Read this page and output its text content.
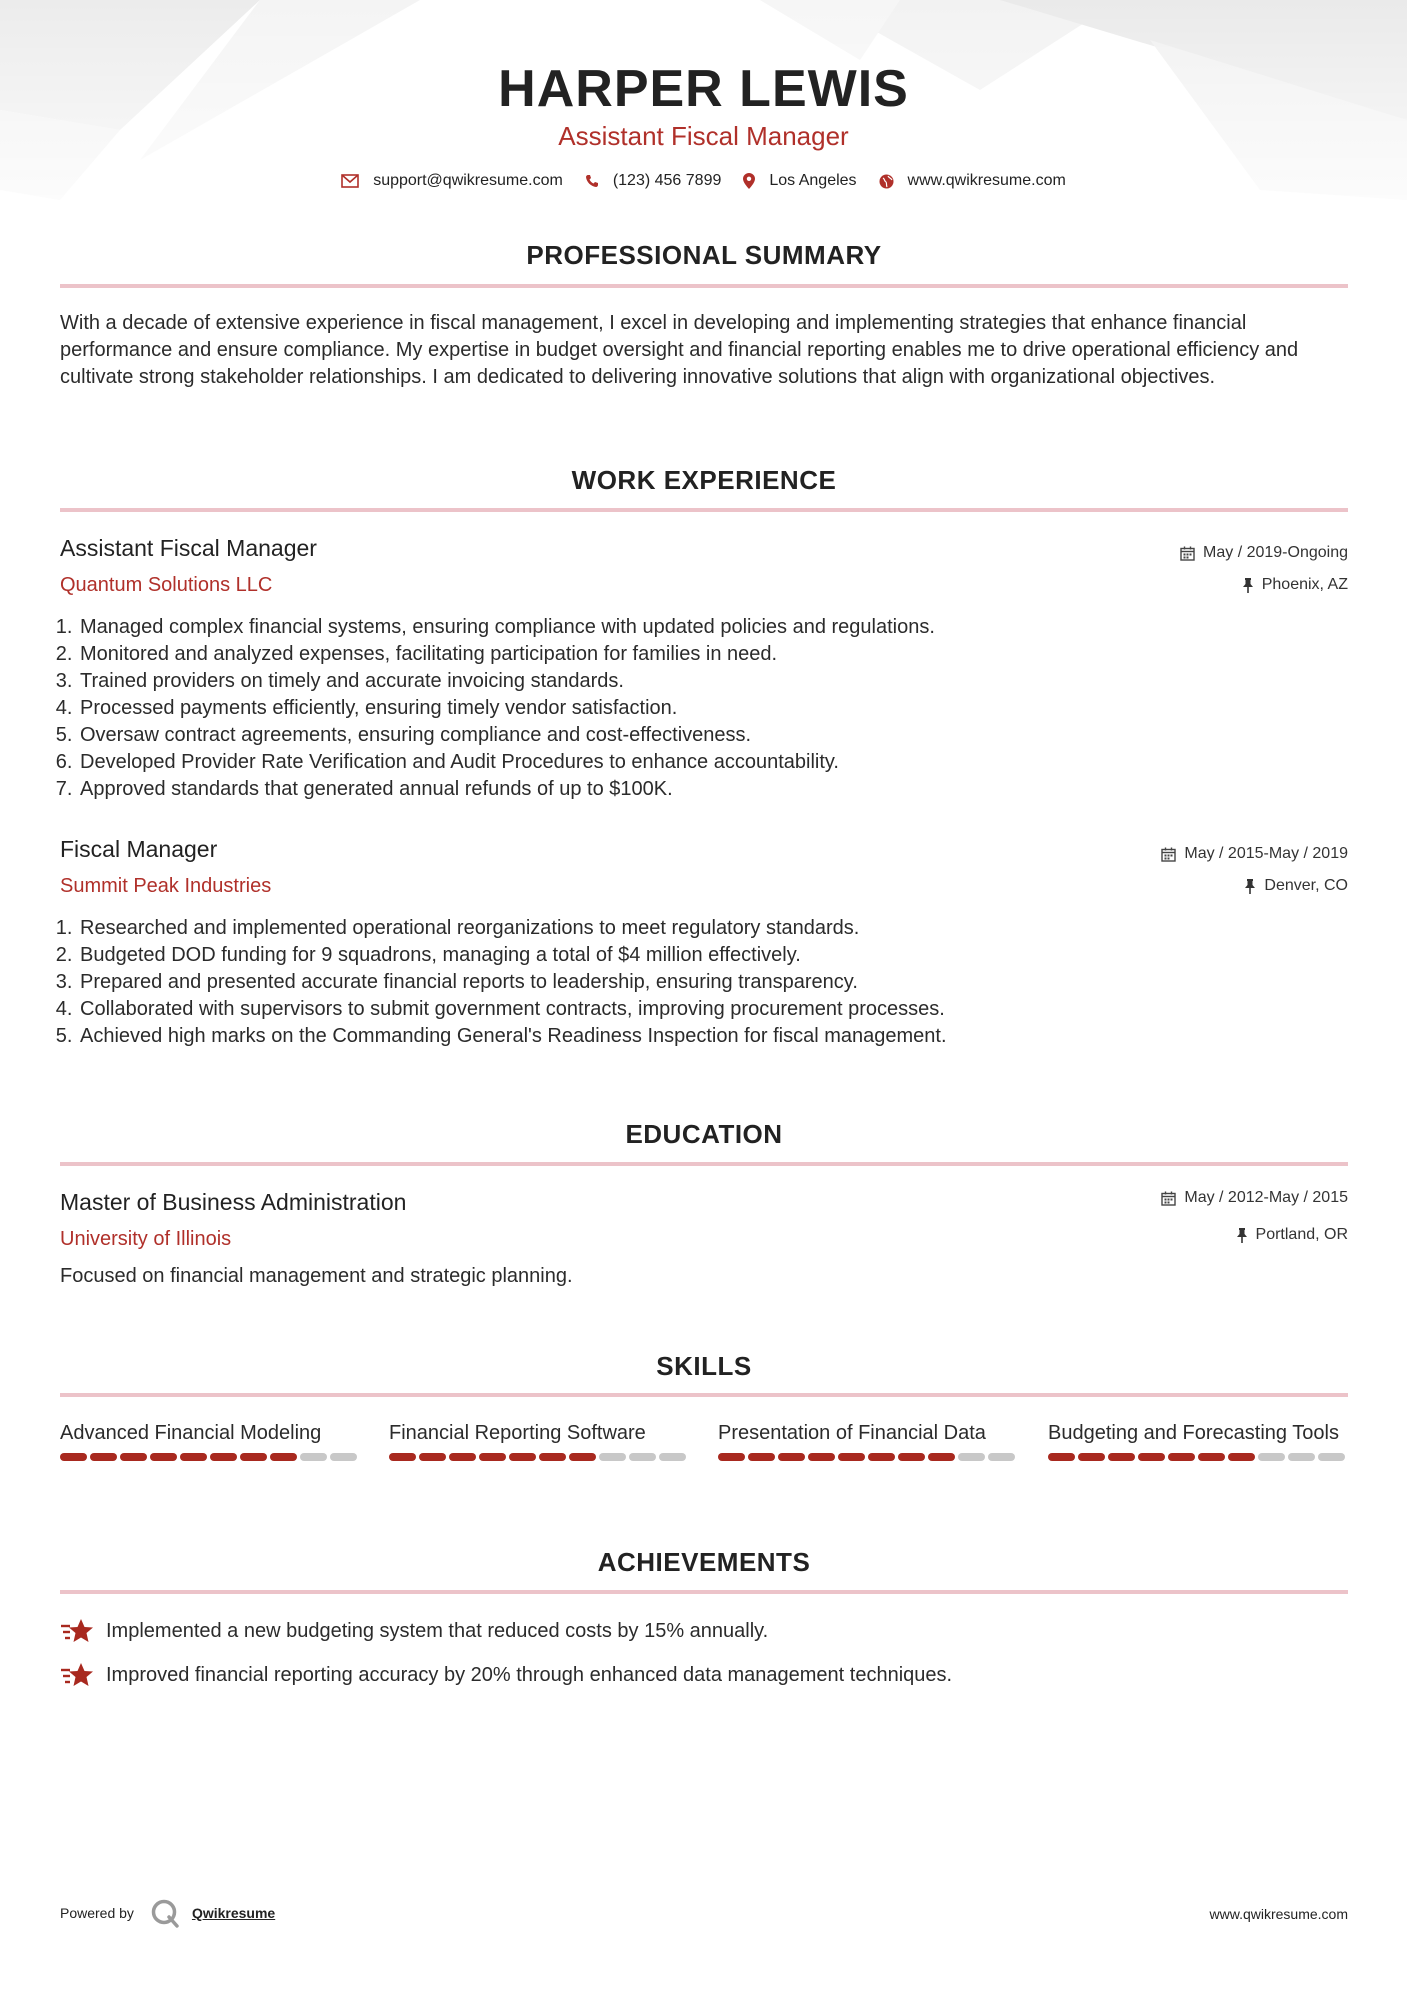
HARPER LEWIS
Assistant Fiscal Manager
support@qwikresume.com	(123) 456 7899	Los Angeles	www.qwikresume.com
PROFESSIONAL SUMMARY

With a decade of extensive experience in fiscal management, I excel in developing and implementing strategies that enhance financial performance and ensure compliance. My expertise in budget oversight and financial reporting enables me to drive operational efficiency and cultivate strong stakeholder relationships. I am dedicated to delivering innovative solutions that align with organizational objectives.

WORK EXPERIENCE
Assistant Fiscal Manager
Quantum Solutions LLC
May / 2019-Ongoing
Phoenix, AZ
1. Managed complex financial systems, ensuring compliance with updated policies and regulations.
2. Monitored and analyzed expenses, facilitating participation for families in need.
3. Trained providers on timely and accurate invoicing standards.
4. Processed payments efficiently, ensuring timely vendor satisfaction.
5. Oversaw contract agreements, ensuring compliance and cost-effectiveness.
6. Developed Provider Rate Verification and Audit Procedures to enhance accountability.
7. Approved standards that generated annual refunds of up to $100K.
Fiscal Manager
Summit Peak Industries
May / 2015-May / 2019
Denver, CO
1. Researched and implemented operational reorganizations to meet regulatory standards.
2. Budgeted DOD funding for 9 squadrons, managing a total of $4 million effectively.
3. Prepared and presented accurate financial reports to leadership, ensuring transparency.
4. Collaborated with supervisors to submit government contracts, improving procurement processes.
5. Achieved high marks on the Commanding General's Readiness Inspection for fiscal management.
EDUCATION
Master of Business Administration
University of Illinois
May / 2012-May / 2015
Portland, OR
Focused on financial management and strategic planning.
SKILLS
Advanced Financial Modeling	Financial Reporting Software	Presentation of Financial Data	Budgeting and Forecasting Tools
ACHIEVEMENTS
Implemented a new budgeting system that reduced costs by 15% annually.
Improved financial reporting accuracy by 20% through enhanced data management techniques.
Powered by	Qwikresume	www.qwikresume.com
